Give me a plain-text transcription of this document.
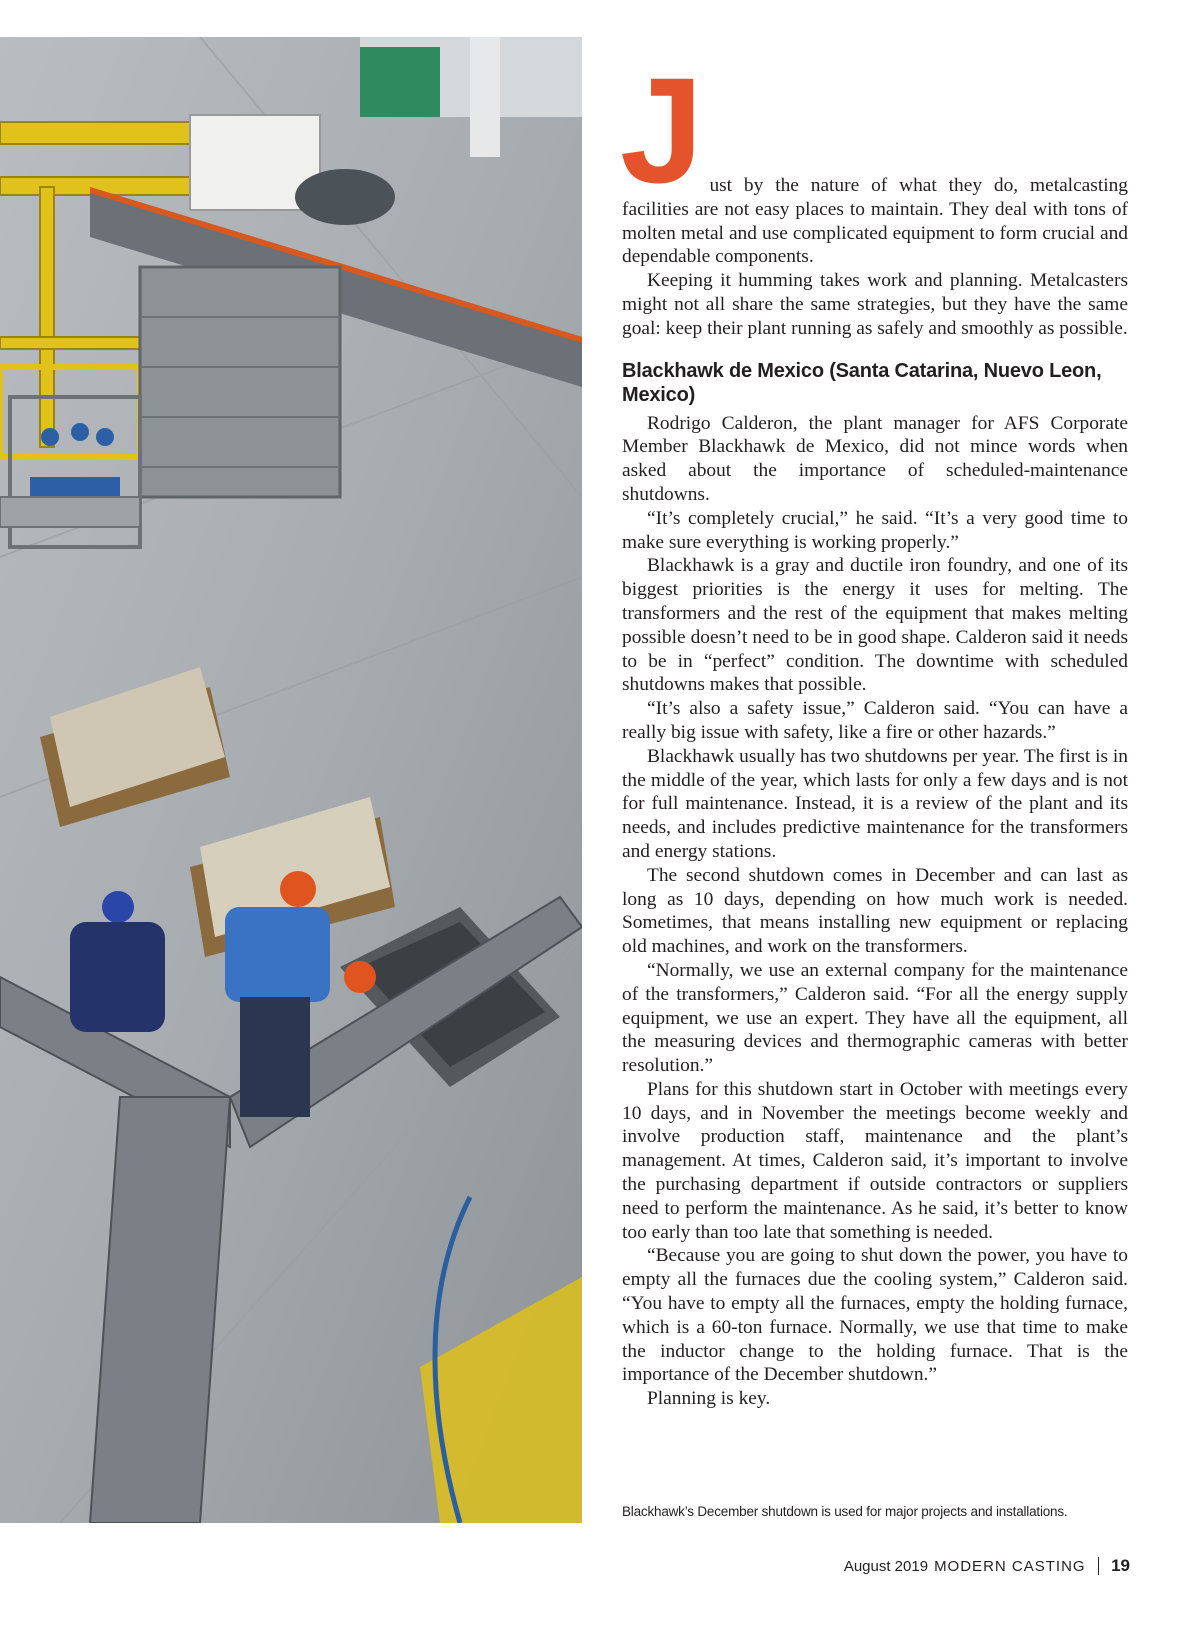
Just by the nature of what they do, metalcasting facilities are not easy places to maintain. They deal with tons of molten metal and use complicated equipment to form crucial and dependable components.

Keeping it humming takes work and planning. Metalcasters might not all share the same strategies, but they have the same goal: keep their plant running as safely and smoothly as possible.

Blackhawk de Mexico (Santa Catarina, Nuevo Leon, Mexico)

Rodrigo Calderon, the plant manager for AFS Corporate Member Blackhawk de Mexico, did not mince words when asked about the importance of scheduled-maintenance shutdowns.

“It’s completely crucial,” he said. “It’s a very good time to make sure everything is working properly.”

Blackhawk is a gray and ductile iron foundry, and one of its biggest priorities is the energy it uses for melting. The transformers and the rest of the equipment that makes melting possible doesn’t need to be in good shape. Calderon said it needs to be in “perfect” condition. The downtime with scheduled shutdowns makes that possible.

“It’s also a safety issue,” Calderon said. “You can have a really big issue with safety, like a fire or other hazards.”

Blackhawk usually has two shutdowns per year. The first is in the middle of the year, which lasts for only a few days and is not for full maintenance. Instead, it is a review of the plant and its needs, and includes predictive maintenance for the transformers and energy stations.

The second shutdown comes in December and can last as long as 10 days, depending on how much work is needed. Sometimes, that means installing new equipment or replacing old machines, and work on the transformers.

“Normally, we use an external company for the maintenance of the transformers,” Calderon said. “For all the energy supply equipment, we use an expert. They have all the equipment, all the measuring devices and thermographic cameras with better resolution.”

Plans for this shutdown start in October with meetings every 10 days, and in November the meetings become weekly and involve production staff, maintenance and the plant’s management. At times, Calderon said, it’s important to involve the purchasing department if outside contractors or suppliers need to perform the maintenance. As he said, it’s better to know too early than too late that something is needed.

“Because you are going to shut down the power, you have to empty all the furnaces due the cooling system,” Calderon said. “You have to empty all the furnaces, empty the holding furnace, which is a 60-ton furnace. Normally, we use that time to make the inductor change to the holding furnace. That is the importance of the December shutdown.”

Planning is key.

Blackhawk’s December shutdown is used for major projects and installations.
August 2019 MODERN CASTING 19
